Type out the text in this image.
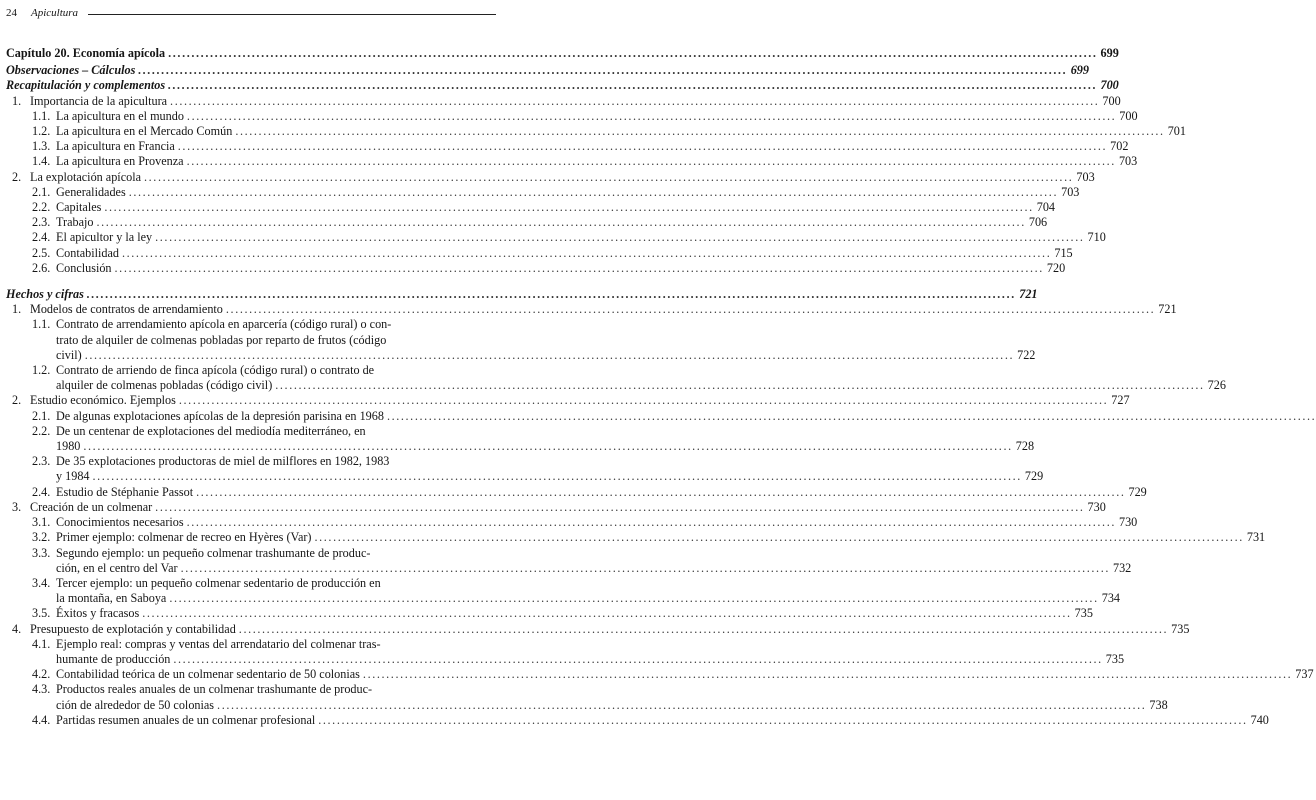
24 Apicultura
Capítulo 20. Economía apícola ........................................................................................................................................................................................................ 699
Observaciones – Cálculos ........................................................................................................................................................................................................ 699
Recapitulación y complementos ........................................................................................................................................................................................................ 700
1. Importancia de la apicultura ........................................................................................................................................................................................................ 700
1.1. La apicultura en el mundo ........................................................................................................................................................................................................ 700
1.2. La apicultura en el Mercado Común ........................................................................................................................................................................................................ 701
1.3. La apicultura en Francia ........................................................................................................................................................................................................ 702
1.4. La apicultura en Provenza ........................................................................................................................................................................................................ 703
2. La explotación apícola ........................................................................................................................................................................................................ 703
2.1. Generalidades ........................................................................................................................................................................................................ 703
2.2. Capitales ........................................................................................................................................................................................................ 704
2.3. Trabajo ........................................................................................................................................................................................................ 706
2.4. El apicultor y la ley ........................................................................................................................................................................................................ 710
2.5. Contabilidad ........................................................................................................................................................................................................ 715
2.6. Conclusión ........................................................................................................................................................................................................ 720
Hechos y cifras ........................................................................................................................................................................................................ 721
1. Modelos de contratos de arrendamiento ........................................................................................................................................................................................................ 721
1.1. Contrato de arrendamiento apícola en aparcería (código rural) o con-
trato de alquiler de colmenas pobladas por reparto de frutos (código
civil) ........................................................................................................................................................................................................ 722
1.2. Contrato de arriendo de finca apícola (código rural) o contrato de
alquiler de colmenas pobladas (código civil) ........................................................................................................................................................................................................ 726
2. Estudio económico. Ejemplos ........................................................................................................................................................................................................ 727
2.1. De algunas explotaciones apícolas de la depresión parisina en 1968 ........................................................................................................................................................................................................
2.2. De un centenar de explotaciones del mediodía mediterráneo, en
1980 ........................................................................................................................................................................................................ 728
2.3. De 35 explotaciones productoras de miel de milflores en 1982, 1983
y 1984 ........................................................................................................................................................................................................ 729
2.4. Estudio de Stéphanie Passot ........................................................................................................................................................................................................ 729
3. Creación de un colmenar ........................................................................................................................................................................................................ 730
3.1. Conocimientos necesarios ........................................................................................................................................................................................................ 730
3.2. Primer ejemplo: colmenar de recreo en Hyères (Var) ........................................................................................................................................................................................................ 731
3.3. Segundo ejemplo: un pequeño colmenar trashumante de produc-
ción, en el centro del Var ........................................................................................................................................................................................................ 732
3.4. Tercer ejemplo: un pequeño colmenar sedentario de producción en
la montaña, en Saboya ........................................................................................................................................................................................................ 734
3.5. Éxitos y fracasos ........................................................................................................................................................................................................ 735
4. Presupuesto de explotación y contabilidad ........................................................................................................................................................................................................ 735
4.1. Ejemplo real: compras y ventas del arrendatario del colmenar tras-
humante de producción ........................................................................................................................................................................................................ 735
4.2. Contabilidad teórica de un colmenar sedentario de 50 colonias ........................................................................................................................................................................................................ 737
4.3. Productos reales anuales de un colmenar trashumante de produc-
ción de alrededor de 50 colonias ........................................................................................................................................................................................................ 738
4.4. Partidas resumen anuales de un colmenar profesional ........................................................................................................................................................................................................ 740
